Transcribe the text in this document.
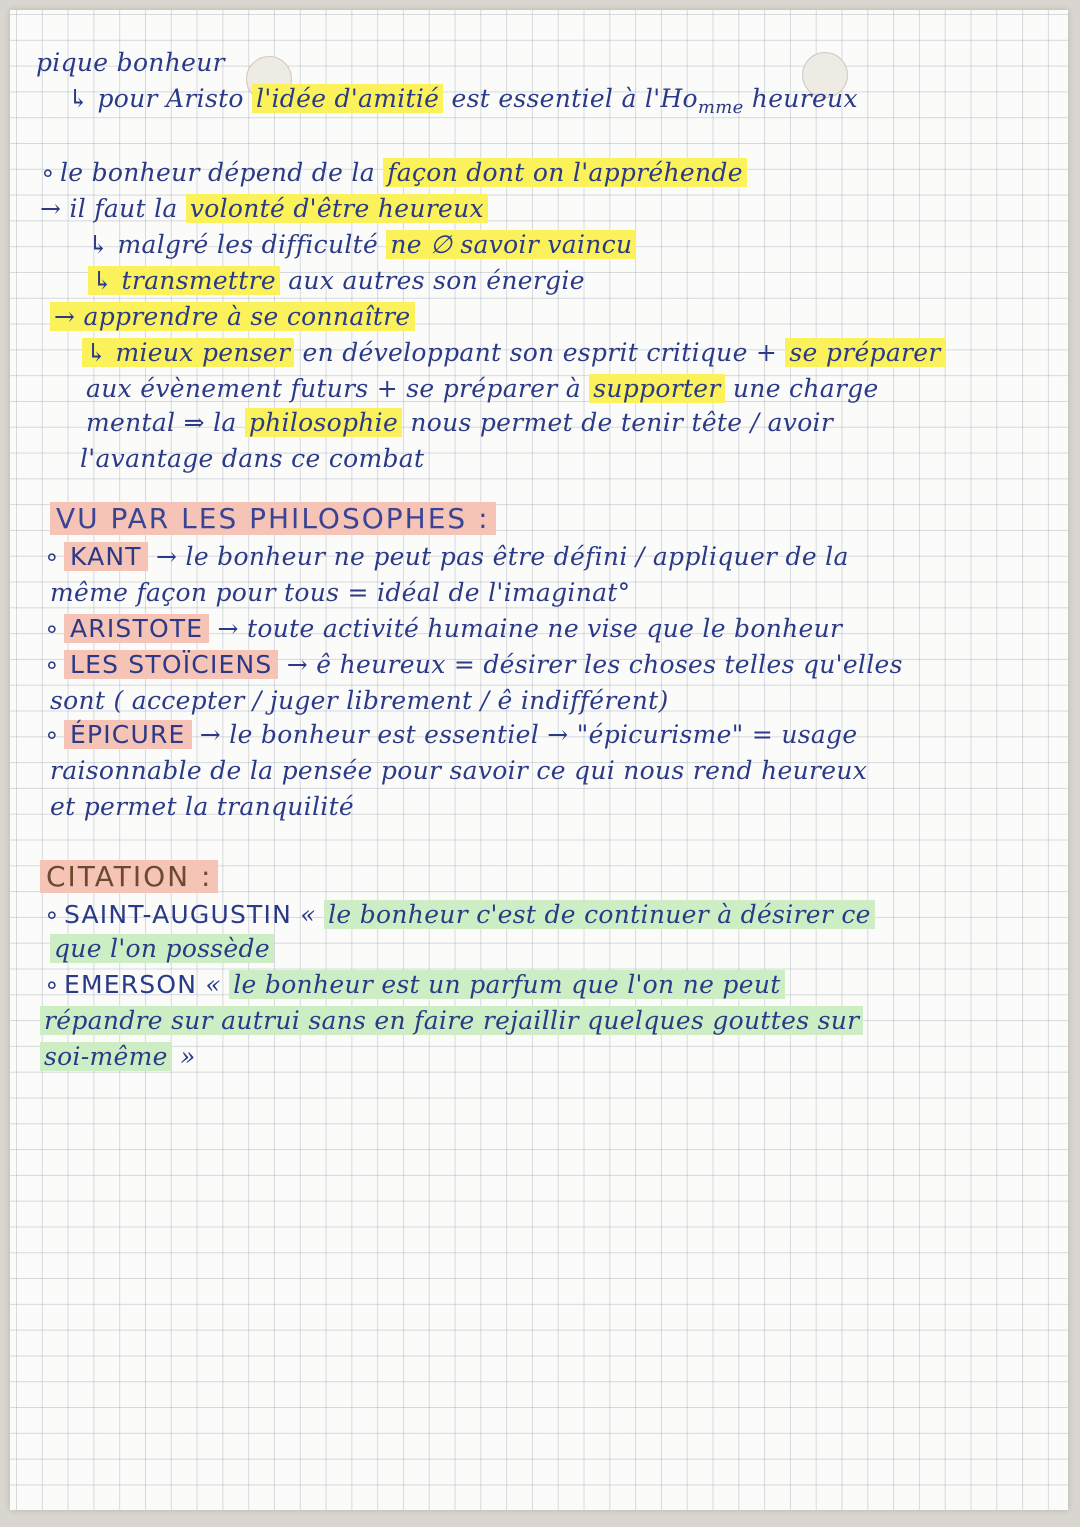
pique bonheur
↳ pour Aristo l'idée d'amitié est essentiel à $l'Ho_{mme}$ heureux
∘ le bonheur dépend de la façon dont on l'appréhende
→ il faut la volonté d'être heureux
↳ malgré les difficulté ne ∅ savoir vaincu
↳ transmettre aux autres son énergie
→ apprendre à se connaître
↳ mieux penser en développant son esprit critique + se préparer
aux évènement futurs + se préparer à supporter une charge
mental ⇒ la philosophie nous permet de tenir tête / avoir
l'avantage dans ce combat
VU PAR LES PHILOSOPHES :
∘ KANT → le bonheur ne peut pas être défini / appliquer de la
même façon pour tous = idéal de l'imaginat°
∘ ARISTOTE → toute activité humaine ne vise que le bonheur
∘ LES STOÏCIENS → ê heureux = désirer les choses telles qu'elles
sont ( accepter / juger librement / ê indifférent)
∘ ÉPICURE → le bonheur est essentiel → "épicurisme" = usage
raisonnable de la pensée pour savoir ce qui nous rend heureux
et permet la tranquilité
CITATION :
∘ SAINT-AUGUSTIN « le bonheur c'est de continuer à désirer ce
que l'on possède
∘ EMERSON « le bonheur est un parfum que l'on ne peut
répandre sur autrui sans en faire rejaillir quelques gouttes sur
soi-même »
